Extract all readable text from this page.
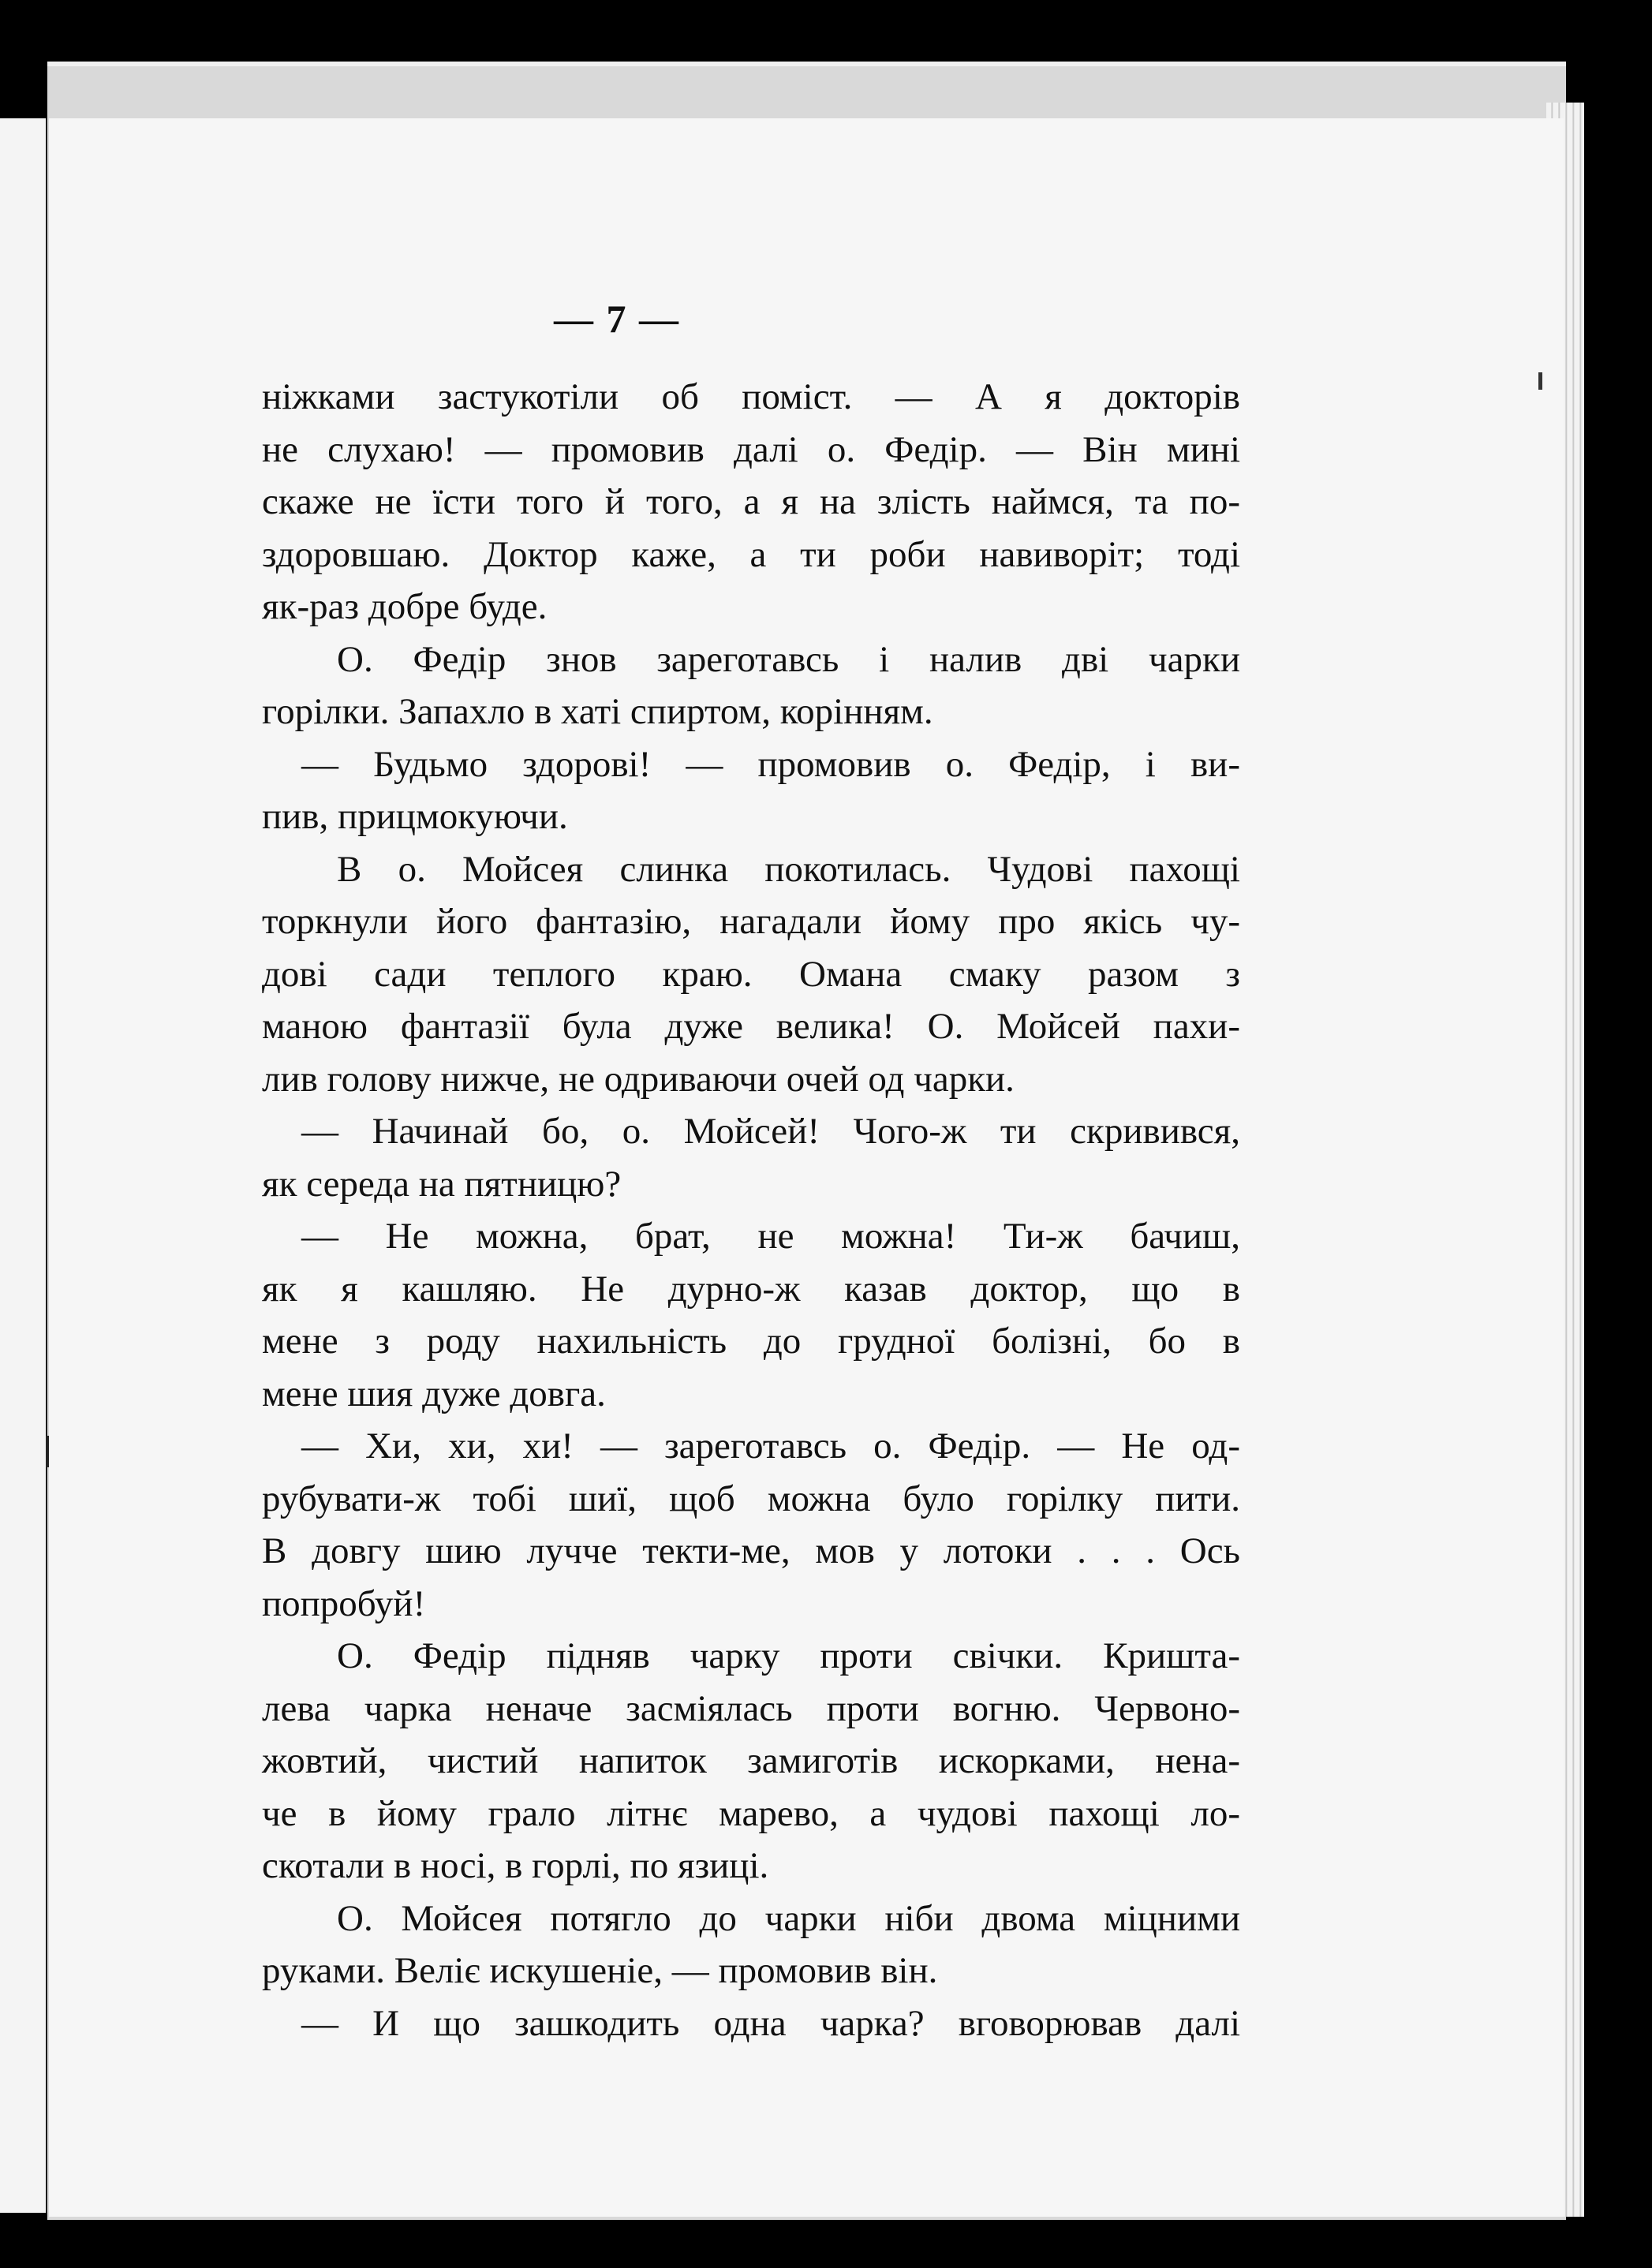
— 7 —
ніжками застукотіли об поміст. — А я докторів
не слухаю! — промовив далі о. Федір. — Він мині
скаже не їсти того й того, а я на злість наймся, та по-
здоровшаю. Доктор каже, а ти роби навиворіт; тоді
як-раз добре буде.
О. Федір знов зареготавсь і налив дві чарки
горілки. Запахло в хаті спиртом, корінням.
— Будьмо здорові! — промовив о. Федір, і ви-
пив, прицмокуючи.
В о. Мойсея слинка покотилась. Чудові пахощі
торкнули його фантазію, нагадали йому про якісь чу-
дові сади теплого краю. Омана смаку разом з
маною фантазії була дуже велика! О. Мойсей пахи-
лив голову нижче, не одриваючи очей од чарки.
— Начинай бо, о. Мойсей! Чого-ж ти скривився,
як середа на пятницю?
— Не можна, брат, не можна! Ти-ж бачиш,
як я кашляю. Не дурно-ж казав доктор, що в
мене з роду нахильність до грудної болізні, бо в
мене шия дуже довга.
— Хи, хи, хи! — зареготавсь о. Федір. — Не од-
рубувати-ж тобі шиї, щоб можна було горілку пити.
В довгу шию лучче текти-ме, мов у лотоки . . . Ось
попробуй!
О. Федір підняв чарку проти свічки. Кришта-
лева чарка неначе засміялась проти вогню. Червоно-
жовтий, чистий напиток замиготів искорками, нена-
че в йому грало літнє марево, а чудові пахощі ло-
скотали в носі, в горлі, по язиці.
О. Мойсея потягло до чарки ніби двома міцними
руками. Веліє искушеніе, — промовив він.
— И що зашкодить одна чарка? вговорював далі
